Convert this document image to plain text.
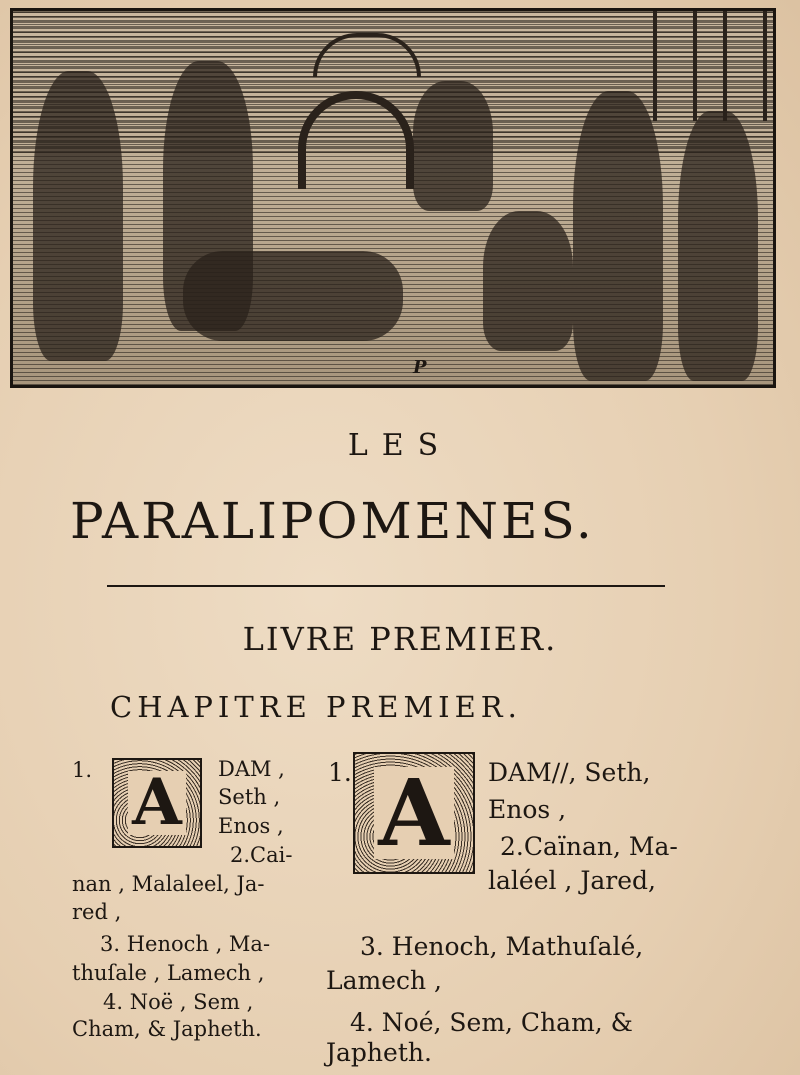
P
LES
PARALIPOMENES.
LIVRE PREMIER.
CHAPITRE PREMIER.
1. A DAM ,
Seth ,
Enos ,
2.Cai-
nan , Malaleel, Ja-
red ,
3. Henoch , Ma-
thuſale , Lamech ,
4. Noë , Sem ,
Cham, & Japheth.
1. A DAM∕∕, Seth,
Enos ,
2.Caïnan, Ma-
laléel , Jared,
3. Henoch, Mathuſalé,
Lamech ,
4. Noé, Sem, Cham, &
Japheth.
